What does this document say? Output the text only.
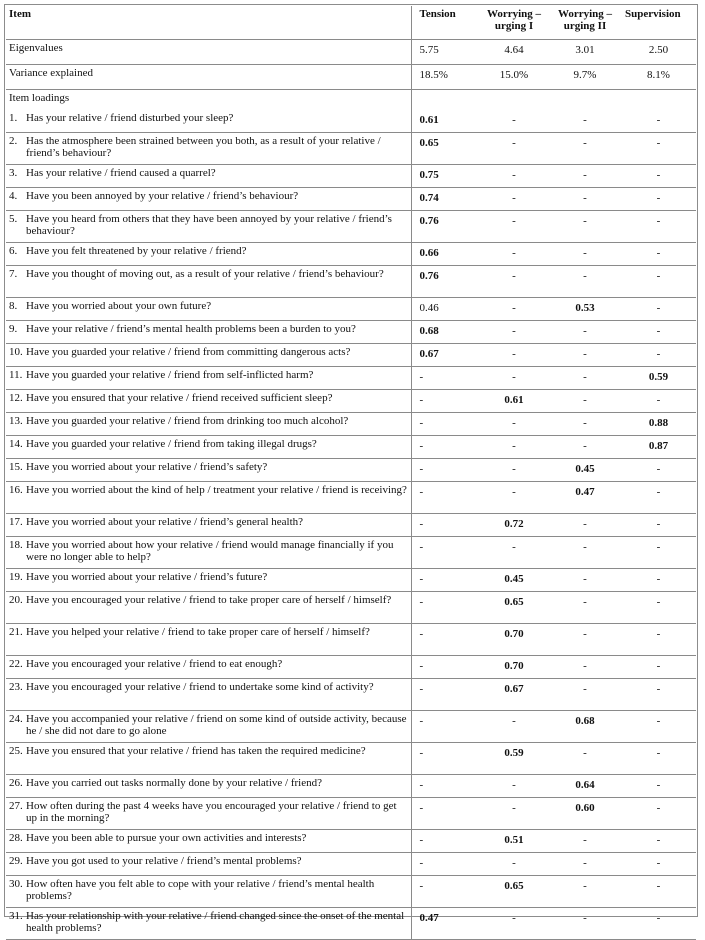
Item	Tension	Worrying – urging I	Worrying – urging II	Supervision
Eigenvalues	5.75	4.64	3.01	2.50
Variance explained	18.5%	15.0%	9.7%	8.1%
Item loadings				

1. Has your relative / friend disturbed your sleep?	0.61	-	-	-

2. Has the atmosphere been strained between you both, as a result of your relative / friend’s behaviour?	0.65	-	-	-

3. Has your relative / friend caused a quarrel?	0.75	-	-	-

4. Have you been annoyed by your relative / friend’s behaviour?	0.74	-	-	-

5. Have you heard from others that they have been annoyed by your relative / friend’s behaviour?	0.76	-	-	-

6. Have you felt threatened by your relative / friend?	0.66	-	-	-

7. Have you thought of moving out, as a result of your relative / friend’s behaviour?	0.76	-	-	-

8. Have you worried about your own future?	0.46	-	0.53	-

9. Have your relative / friend’s mental health problems been a burden to you?	0.68	-	-	-

10. Have you guarded your relative / friend from committing dangerous acts?	0.67	-	-	-

11. Have you guarded your relative / friend from self-inflicted harm?	-	-	-	0.59

12. Have you ensured that your relative / friend received sufficient sleep?	-	0.61	-	-

13. Have you guarded your relative / friend from drinking too much alcohol?	-	-	-	0.88

14. Have you guarded your relative / friend from taking illegal drugs?	-	-	-	0.87

15. Have you worried about your relative / friend’s safety?	-	-	0.45	-

16. Have you worried about the kind of help / treatment your relative / friend is receiving?	-	-	0.47	-

17. Have you worried about your relative / friend’s general health?	-	0.72	-	-

18. Have you worried about how your relative / friend would manage financially if you were no longer able to help?	-	-	-	-

19. Have you worried about your relative / friend’s future?	-	0.45	-	-

20. Have you encouraged your relative / friend to take proper care of herself / himself?	-	0.65	-	-

21. Have you helped your relative / friend to take proper care of herself / himself?	-	0.70	-	-

22. Have you encouraged your relative / friend to eat enough?	-	0.70	-	-

23. Have you encouraged your relative / friend to undertake some kind of activity?	-	0.67	-	-

24. Have you accompanied your relative / friend on some kind of outside activity, because he / she did not dare to go alone	-	-	0.68	-

25. Have you ensured that your relative / friend has taken the required medicine?	-	0.59	-	-

26. Have you carried out tasks normally done by your relative / friend?	-	-	0.64	-

27. How often during the past 4 weeks have you encouraged your relative / friend to get up in the morning?	-	-	0.60	-

28. Have you been able to pursue your own activities and interests?	-	0.51	-	-

29. Have you got used to your relative / friend’s mental problems?	-	-	-	-

30. How often have you felt able to cope with your relative / friend’s mental health problems?	-	0.65	-	-

31. Has your relationship with your relative / friend changed since the onset of the mental health problems?	0.47	-	-	-
